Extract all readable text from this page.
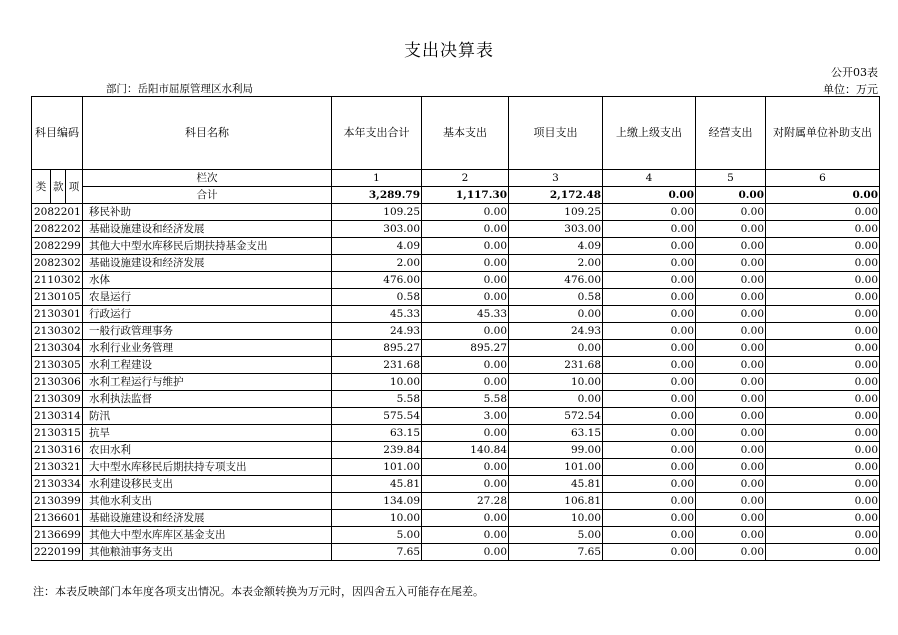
支出决算表
公开03表
部门：岳阳市屈原管理区水利局	单位：万元
科目编码			科目名称	本年支出合计	基本支出	项目支出	上缴上级支出	经营支出	对附属单位补助支出
类	款	项	栏次	1	2	3	4	5	6
			合计	3,289.79	1,117.30	2,172.48	0.00	0.00	0.00
2082201			移民补助	109.25	0.00	109.25	0.00	0.00	0.00
2082202			基础设施建设和经济发展	303.00	0.00	303.00	0.00	0.00	0.00
2082299			其他大中型水库移民后期扶持基金支出	4.09	0.00	4.09	0.00	0.00	0.00
2082302			基础设施建设和经济发展	2.00	0.00	2.00	0.00	0.00	0.00
2110302			水体	476.00	0.00	476.00	0.00	0.00	0.00
2130105			农垦运行	0.58	0.00	0.58	0.00	0.00	0.00
2130301			行政运行	45.33	45.33	0.00	0.00	0.00	0.00
2130302			一般行政管理事务	24.93	0.00	24.93	0.00	0.00	0.00
2130304			水利行业业务管理	895.27	895.27	0.00	0.00	0.00	0.00
2130305			水利工程建设	231.68	0.00	231.68	0.00	0.00	0.00
2130306			水利工程运行与维护	10.00	0.00	10.00	0.00	0.00	0.00
2130309			水利执法监督	5.58	5.58	0.00	0.00	0.00	0.00
2130314			防汛	575.54	3.00	572.54	0.00	0.00	0.00
2130315			抗旱	63.15	0.00	63.15	0.00	0.00	0.00
2130316			农田水利	239.84	140.84	99.00	0.00	0.00	0.00
2130321			大中型水库移民后期扶持专项支出	101.00	0.00	101.00	0.00	0.00	0.00
2130334			水利建设移民支出	45.81	0.00	45.81	0.00	0.00	0.00
2130399			其他水利支出	134.09	27.28	106.81	0.00	0.00	0.00
2136601			基础设施建设和经济发展	10.00	0.00	10.00	0.00	0.00	0.00
2136699			其他大中型水库库区基金支出	5.00	0.00	5.00	0.00	0.00	0.00
2220199			其他粮油事务支出	7.65	0.00	7.65	0.00	0.00	0.00
注：本表反映部门本年度各项支出情况。本表金额转换为万元时，因四舍五入可能存在尾差。
